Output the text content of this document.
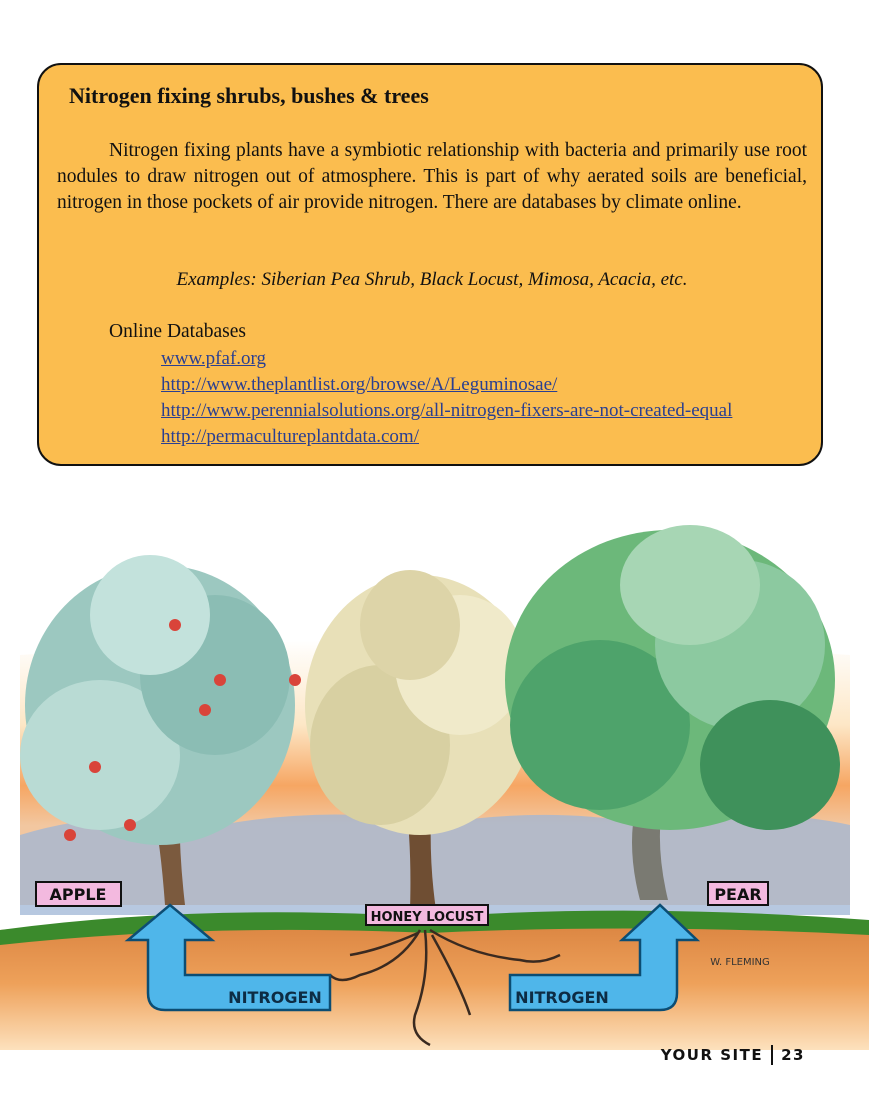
Nitrogen fixing shrubs, bushes & trees

Nitrogen fixing plants have a symbiotic relationship with bacteria and primarily use root nodules to draw nitrogen out of atmosphere. This is part of why aerated soils are beneficial, nitrogen in those pockets of air provide nitrogen. There are databases by climate online.

Examples: Siberian Pea Shrub, Black Locust, Mimosa, Acacia, etc.

Online Databases

www.pfaf.org
http://www.theplantlist.org/browse/A/Leguminosae/
http://www.perennialsolutions.org/all-nitrogen-fixers-are-not-created-equal
http://permacultureplantdata.com/
NITROGEN	NITROGEN
APPLE
HONEY LOCUST
PEAR
W. FLEMING
YOUR SITE 23
